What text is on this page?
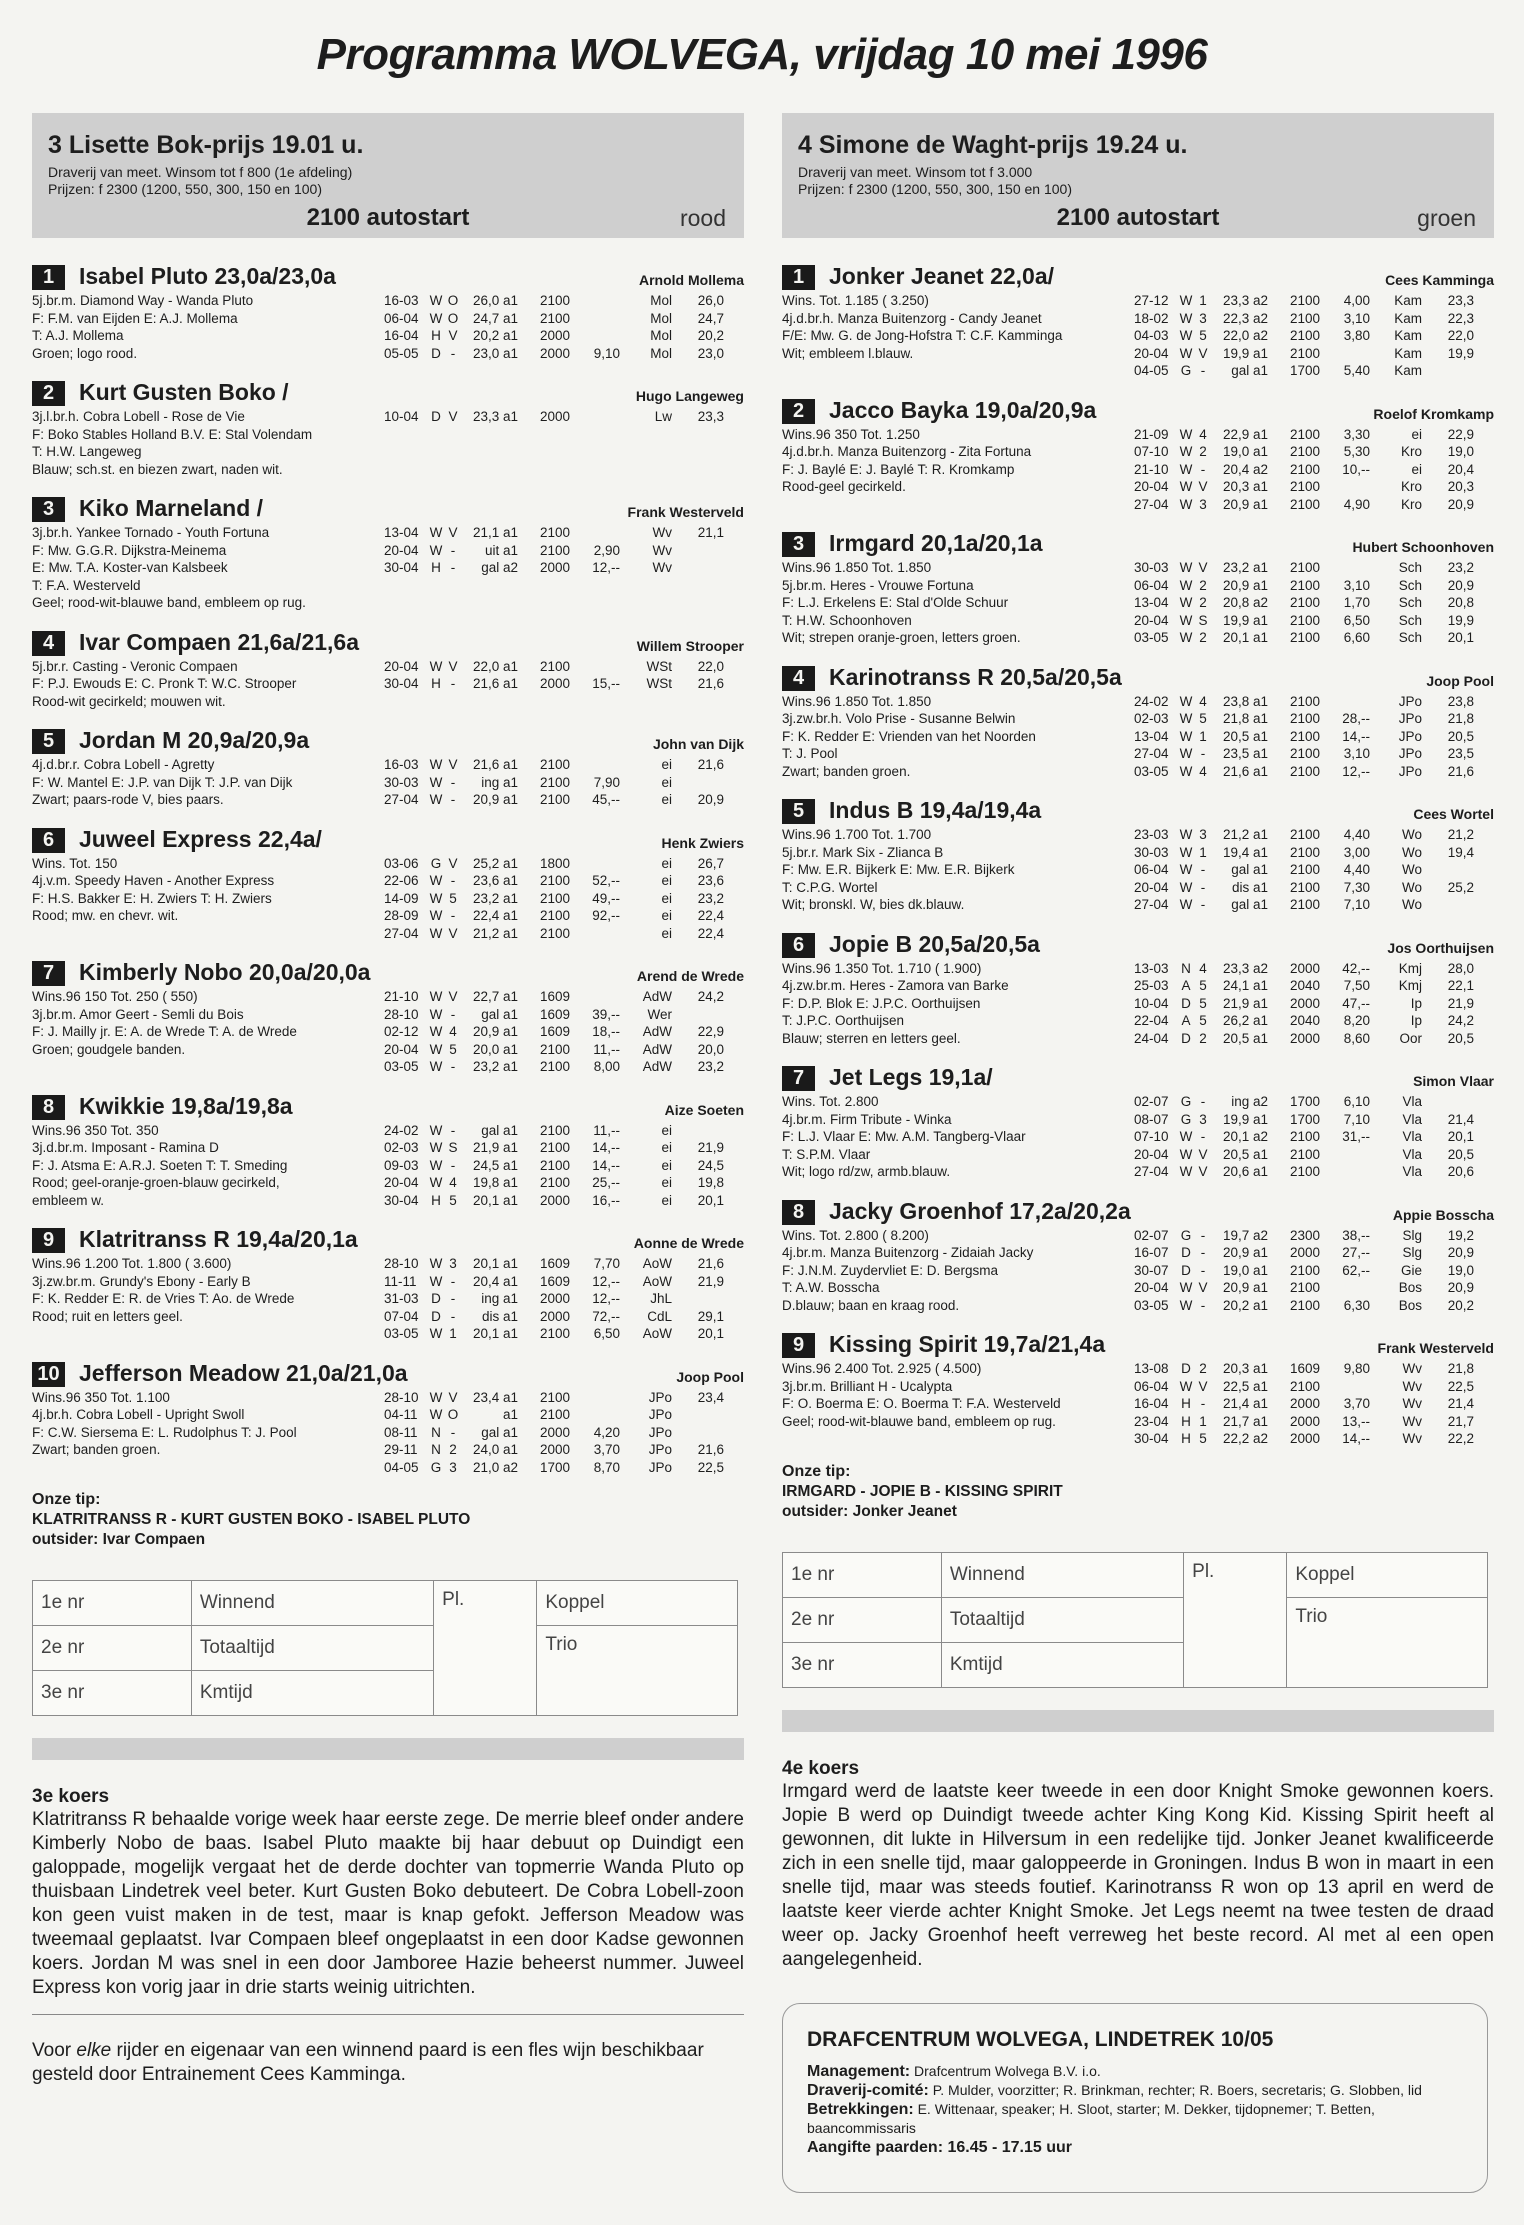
Programma WOLVEGA, vrijdag 10 mei 1996
3 Lisette Bok-prijs 19.01 u.
Draverij van meet. Winsom tot f 800 (1e afdeling)
Prijzen: f 2300 (1200, 550, 300, 150 en 100)
2100 autostart	rood
1	Isabel Pluto 23,0a/23,0a	Arnold Mollema
5j.br.m. Diamond Way - Wanda Pluto
F: F.M. van Eijden E: A.J. Mollema
T: A.J. Mollema
Groen; logo rood.
16-03 W O	26,0 a1	2100	Mol	26,0
06-04 W O	24,7 a1	2100	Mol	24,7
16-04 H V	20,2 a1	2000	Mol	20,2
05-05 D -	23,0 a1	2000	9,10	Mol	23,0
2	Kurt Gusten Boko /	Hugo Langeweg
3j.l.br.h. Cobra Lobell - Rose de Vie
F: Boko Stables Holland B.V. E: Stal Volendam
T: H.W. Langeweg
Blauw; sch.st. en biezen zwart, naden wit.
10-04 D V	23,3 a1	2000	Lw	23,3
3	Kiko Marneland /	Frank Westerveld
3j.br.h. Yankee Tornado - Youth Fortuna
F: Mw. G.G.R. Dijkstra-Meinema
E: Mw. T.A. Koster-van Kalsbeek
T: F.A. Westerveld
Geel; rood-wit-blauwe band, embleem op rug.
13-04 W V	21,1 a1	2100	Wv	21,1
20-04 W -	uit a1	2100	2,90	Wv
30-04 H -	gal a2	2000	12,--	Wv
4	Ivar Compaen 21,6a/21,6a	Willem Strooper
5j.br.r. Casting - Veronic Compaen
F: P.J. Ewouds E: C. Pronk T: W.C. Strooper
Rood-wit gecirkeld; mouwen wit.
20-04 W V	22,0 a1	2100	WSt	22,0
30-04 H -	21,6 a1	2000	15,--	WSt	21,6
5	Jordan M 20,9a/20,9a	John van Dijk
4j.d.br.r. Cobra Lobell - Agretty
F: W. Mantel E: J.P. van Dijk T: J.P. van Dijk
Zwart; paars-rode V, bies paars.
16-03 W V	21,6 a1	2100	ei	21,6
30-03 W -	ing a1	2100	7,90	ei
27-04 W -	20,9 a1	2100	45,--	ei	20,9
6	Juweel Express 22,4a/	Henk Zwiers
Wins. Tot. 150
4j.v.m. Speedy Haven - Another Express
F: H.S. Bakker E: H. Zwiers T: H. Zwiers
Rood; mw. en chevr. wit.
03-06 G V	25,2 a1	1800	ei	26,7
22-06 W -	23,6 a1	2100	52,--	ei	23,6
14-09 W 5	23,2 a1	2100	49,--	ei	23,2
28-09 W -	22,4 a1	2100	92,--	ei	22,4
27-04 W V	21,2 a1	2100	ei	22,4
7	Kimberly Nobo 20,0a/20,0a	Arend de Wrede
Wins.96 150 Tot. 250 ( 550)
3j.br.m. Amor Geert - Semli du Bois
F: J. Mailly jr. E: A. de Wrede T: A. de Wrede
Groen; goudgele banden.
21-10 W V	22,7 a1	1609	AdW	24,2
28-10 W -	gal a1	1609	39,--	Wer
02-12 W 4	20,9 a1	1609	18,--	AdW	22,9
20-04 W 5	20,0 a1	2100	11,--	AdW	20,0
03-05 W -	23,2 a1	2100	8,00	AdW	23,2
8	Kwikkie 19,8a/19,8a	Aize Soeten
Wins.96 350 Tot. 350
3j.d.br.m. Imposant - Ramina D
F: J. Atsma E: A.R.J. Soeten T: T. Smeding
Rood; geel-oranje-groen-blauw gecirkeld,
embleem w.
24-02 W -	gal a1	2100	11,--	ei
02-03 W S	21,9 a1	2100	14,--	ei	21,9
09-03 W -	24,5 a1	2100	14,--	ei	24,5
20-04 W 4	19,8 a1	2100	25,--	ei	19,8
30-04 H 5	20,1 a1	2000	16,--	ei	20,1
9	Klatritranss R 19,4a/20,1a	Aonne de Wrede
Wins.96 1.200 Tot. 1.800 ( 3.600)
3j.zw.br.m. Grundy's Ebony - Early B
F: K. Redder E: R. de Vries T: Ao. de Wrede
Rood; ruit en letters geel.
28-10 W 3	20,1 a1	1609	7,70	AoW	21,6
11-11 W -	20,4 a1	1609	12,--	AoW	21,9
31-03 D -	ing a1	2000	12,--	JhL
07-04 D -	dis a1	2000	72,--	CdL	29,1
03-05 W 1	20,1 a1	2100	6,50	AoW	20,1
10 Jefferson Meadow 21,0a/21,0a	Joop Pool
Wins.96 350 Tot. 1.100
4j.br.h. Cobra Lobell - Upright Swoll
F: C.W. Siersema E: L. Rudolphus T: J. Pool
Zwart; banden groen.
28-10 W V	23,4 a1	2100	JPo	23,4
04-11 W O	a1	2100	JPo
08-11	N -	gal a1	2000	4,20	JPo
29-11	N 2	24,0 a1	2000	3,70	JPo	21,6
04-05 G 3	21,0 a2	1700	8,70	JPo	22,5
Onze tip:
KLATRITRANSS R - KURT GUSTEN BOKO - ISABEL PLUTO
outsider: Ivar Compaen
1e nr	Winnend	Pl.	Koppel
2e nr	Totaaltijd		Trio
3e nr	Kmtijd		
3e koers
Klatritranss R behaalde vorige week haar eerste zege. De merrie bleef onder andere Kimberly Nobo de baas. Isabel Pluto maakte bij haar debuut op Duindigt een galoppade, mogelijk vergaat het de derde dochter van topmerrie Wanda Pluto op thuisbaan Lindetrek veel beter. Kurt Gusten Boko debuteert. De Cobra Lobell-zoon kon geen vuist maken in de test, maar is knap gefokt. Jefferson Meadow was tweemaal geplaatst. Ivar Compaen bleef ongeplaatst in een door Kadse gewonnen koers. Jordan M was snel in een door Jamboree Hazie beheerst nummer. Juweel Express kon vorig jaar in drie starts weinig uitrichten.
Voor elke rijder en eigenaar van een winnend paard is een fles wijn beschikbaar gesteld door Entrainement Cees Kamminga.
4 Simone de Waght-prijs 19.24 u.
Draverij van meet. Winsom tot f 3.000
Prijzen: f 2300 (1200, 550, 300, 150 en 100)
2100 autostart	groen
1	Jonker Jeanet 22,0a/	Cees Kamminga
Wins. Tot. 1.185 ( 3.250)
4j.d.br.h. Manza Buitenzorg - Candy Jeanet
F/E: Mw. G. de Jong-Hofstra T: C.F. Kamminga
Wit; embleem l.blauw.
27-12 W 1	23,3 a2	2100	4,00	Kam	23,3
18-02 W 3	22,3 a2	2100	3,10	Kam	22,3
04-03 W 5	22,0 a2	2100	3,80	Kam	22,0
20-04 W V	19,9 a1	2100	Kam	19,9
04-05 G -	gal a1	1700	5,40	Kam
2	Jacco Bayka 19,0a/20,9a	Roelof Kromkamp
Wins.96 350 Tot. 1.250
4j.d.br.h. Manza Buitenzorg - Zita Fortuna
F: J. Baylé E: J. Baylé T: R. Kromkamp
Rood-geel gecirkeld.
21-09 W 4	22,9 a1	2100	3,30	ei	22,9
07-10 W 2	19,0 a1	2100	5,30	Kro	19,0
21-10 W -	20,4 a2	2100	10,--	ei	20,4
20-04 W V	20,3 a1	2100	Kro	20,3
27-04 W 3	20,9 a1	2100	4,90	Kro	20,9
3	Irmgard 20,1a/20,1a	Hubert Schoonhoven
Wins.96 1.850 Tot. 1.850
5j.br.m. Heres - Vrouwe Fortuna
F: L.J. Erkelens E: Stal d'Olde Schuur
T: H.W. Schoonhoven
Wit; strepen oranje-groen, letters groen.
30-03 W V	23,2 a1	2100	Sch	23,2
06-04 W 2	20,9 a1	2100	3,10	Sch	20,9
13-04 W 2	20,8 a2	2100	1,70	Sch	20,8
20-04 W S	19,9 a1	2100	6,50	Sch	19,9
03-05 W 2	20,1 a1	2100	6,60	Sch	20,1
4	Karinotranss R 20,5a/20,5a	Joop Pool
Wins.96 1.850 Tot. 1.850
3j.zw.br.h. Volo Prise - Susanne Belwin
F: K. Redder E: Vrienden van het Noorden
T: J. Pool
Zwart; banden groen.
24-02 W 4	23,8 a1	2100	JPo	23,8
02-03 W 5	21,8 a1	2100	28,--	JPo	21,8
13-04 W 1	20,5 a1	2100	14,--	JPo	20,5
27-04 W -	23,5 a1	2100	3,10	JPo	23,5
03-05 W 4	21,6 a1	2100	12,--	JPo	21,6
5	Indus B 19,4a/19,4a	Cees Wortel
Wins.96 1.700 Tot. 1.700
5j.br.r. Mark Six - Zlianca B
F: Mw. E.R. Bijkerk E: Mw. E.R. Bijkerk
T: C.P.G. Wortel
Wit; bronskl. W, bies dk.blauw.
23-03 W 3	21,2 a1	2100	4,40	Wo	21,2
30-03 W 1	19,4 a1	2100	3,00	Wo	19,4
06-04 W -	gal a1	2100	4,40	Wo
20-04 W -	dis a1	2100	7,30	Wo	25,2
27-04 W -	gal a1	2100	7,10	Wo
6	Jopie B 20,5a/20,5a	Jos Oorthuijsen
Wins.96 1.350 Tot. 1.710 ( 1.900)
4j.zw.br.m. Heres - Zamora van Barke
F: D.P. Blok E: J.P.C. Oorthuijsen
T: J.P.C. Oorthuijsen
Blauw; sterren en letters geel.
13-03 N 4	23,3 a2	2000	42,--	Kmj	28,0
25-03 A 5	24,1 a1	2040	7,50	Kmj	22,1
10-04 D 5	21,9 a1	2000	47,--	Ip	21,9
22-04 A 5	26,2 a1	2040	8,20	Ip	24,2
24-04 D 2	20,5 a1	2000	8,60	Oor	20,5
7	Jet Legs 19,1a/	Simon Vlaar
Wins. Tot. 2.800
4j.br.m. Firm Tribute - Winka
F: L.J. Vlaar E: Mw. A.M. Tangberg-Vlaar
T: S.P.M. Vlaar
Wit; logo rd/zw, armb.blauw.
02-07 G -	ing a2	1700	6,10	Vla
08-07 G 3	19,9 a1	1700	7,10	Vla	21,4
07-10 W -	20,1 a2	2100	31,--	Vla	20,1
20-04 W V	20,5 a1	2100	Vla	20,5
27-04 W V	20,6 a1	2100	Vla	20,6
8	Jacky Groenhof 17,2a/20,2a	Appie Bosscha
Wins. Tot. 2.800 ( 8.200)
4j.br.m. Manza Buitenzorg - Zidaiah Jacky
F: J.N.M. Zuydervliet E: D. Bergsma
T: A.W. Bosscha
D.blauw; baan en kraag rood.
02-07 G -	19,7 a2	2300	38,--	Slg	19,2
16-07 D -	20,9 a1	2000	27,--	Slg	20,9
30-07 D -	19,0 a1	2100	62,--	Gie	19,0
20-04 W V	20,9 a1	2100	Bos	20,9
03-05 W -	20,2 a1	2100	6,30	Bos	20,2
9	Kissing Spirit 19,7a/21,4a	Frank Westerveld
Wins.96 2.400 Tot. 2.925 ( 4.500)
3j.br.m. Brilliant H - Ucalypta
F: O. Boerma E: O. Boerma T: F.A. Westerveld
Geel; rood-wit-blauwe band, embleem op rug.
13-08 D 2	20,3 a1	1609	9,80	Wv	21,8
06-04 W V	22,5 a1	2100	Wv	22,5
16-04 H -	21,4 a1	2000	3,70	Wv	21,4
23-04 H 1	21,7 a1	2000	13,--	Wv	21,7
30-04 H 5	22,2 a2	2000	14,--	Wv	22,2
Onze tip:
IRMGARD - JOPIE B - KISSING SPIRIT
outsider: Jonker Jeanet
1e nr	Winnend	Pl.	Koppel
2e nr	Totaaltijd		Trio
3e nr	Kmtijd		
4e koers
Irmgard werd de laatste keer tweede in een door Knight Smoke gewonnen koers. Jopie B werd op Duindigt tweede achter King Kong Kid. Kissing Spirit heeft al gewonnen, dit lukte in Hilversum in een redelijke tijd. Jonker Jeanet kwalificeerde zich in een snelle tijd, maar galoppeerde in Groningen. Indus B won in maart in een snelle tijd, maar was steeds foutief. Karinotranss R won op 13 april en werd de laatste keer vierde achter Knight Smoke. Jet Legs neemt na twee testen de draad weer op. Jacky Groenhof heeft verreweg het beste record. Al met al een open aangelegenheid.
DRAFCENTRUM WOLVEGA, LINDETREK 10/05
Management: Drafcentrum Wolvega B.V. i.o.
Draverij-comité: P. Mulder, voorzitter; R. Brinkman, rechter; R. Boers, secretaris; G. Slobben, lid
Betrekkingen: E. Wittenaar, speaker; H. Sloot, starter; M. Dekker, tijdopnemer; T. Betten, baancommissaris
Aangifte paarden: 16.45 - 17.15 uur
